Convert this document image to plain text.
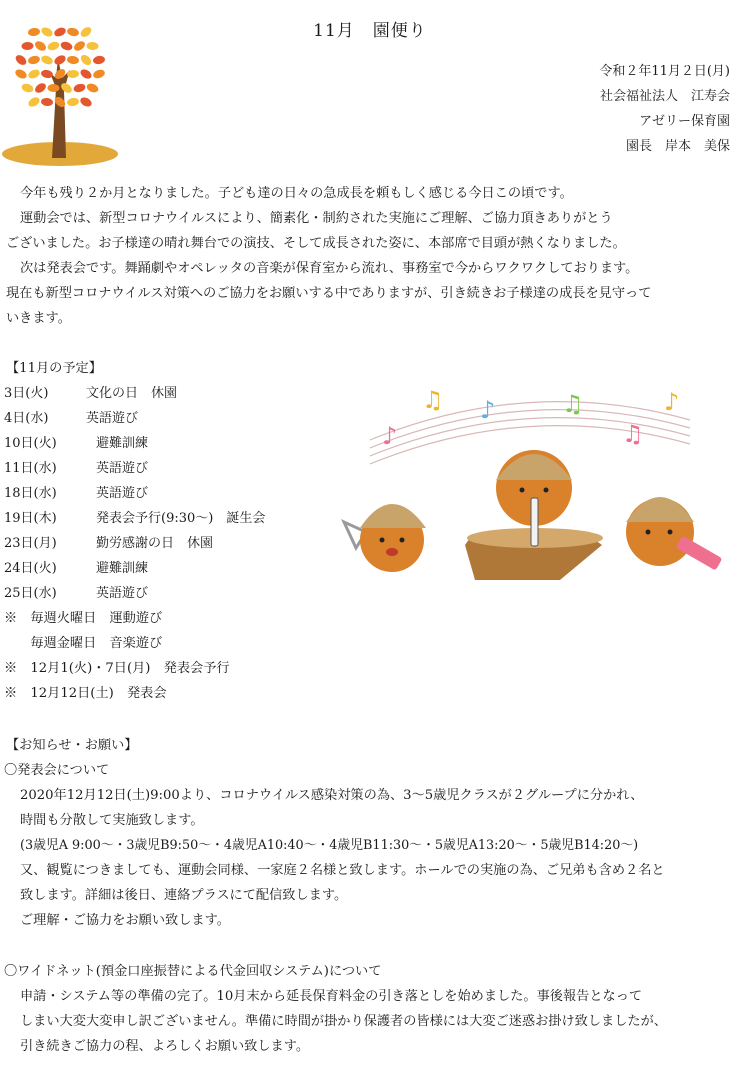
11月　園便り
令和２年11月２日(月)
社会福祉法人　江寿会
アゼリー保育園
園長　岸本　美保
今年も残り２か月となりました。子ども達の日々の急成長を頼もしく感じる今日この頃です。
運動会では、新型コロナウイルスにより、簡素化・制約された実施にご理解、ご協力頂きありがとう
ございました。お子様達の晴れ舞台での演技、そして成長された姿に、本部席で目頭が熱くなりました。
次は発表会です。舞踊劇やオペレッタの音楽が保育室から流れ、事務室で今からワクワクしております。
現在も新型コロナウイルス対策へのご協力をお願いする中でありますが、引き続きお子様達の成長を見守って
いきます。
【11月の予定】
3日(火)	文化の日　休園
4日(水)	英語遊び
10日(火)	避難訓練
11日(水)	英語遊び
18日(水)	英語遊び
19日(木)	発表会予行(9:30〜)　誕生会
23日(月)	勤労感謝の日　休園
24日(火)	避難訓練
25日(水)	英語遊び
※　毎週火曜日　運動遊び
　　毎週金曜日　音楽遊び
※　12月1(火)・7日(月)　発表会予行
※　12月12日(土)　発表会
♫ ♪	♫	♪
♪	♫
【お知らせ・お願い】
〇発表会について
2020年12月12日(土)9:00より、コロナウイルス感染対策の為、3〜5歳児クラスが２グループに分かれ、
時間も分散して実施致します。
(3歳児A 9:00〜・3歳児B9:50〜・4歳児A10:40〜・4歳児B11:30〜・5歳児A13:20〜・5歳児B14:20〜)
又、観覧につきましても、運動会同様、一家庭２名様と致します。ホールでの実施の為、ご兄弟も含め２名と
致します。詳細は後日、連絡プラスにて配信致します。
ご理解・ご協力をお願い致します。
〇ワイドネット(預金口座振替による代金回収システム)について
申請・システム等の準備の完了。10月末から延長保育料金の引き落としを始めました。事後報告となって
しまい大変大変申し訳ございません。準備に時間が掛かり保護者の皆様には大変ご迷惑お掛け致しましたが、
引き続きご協力の程、よろしくお願い致します。
